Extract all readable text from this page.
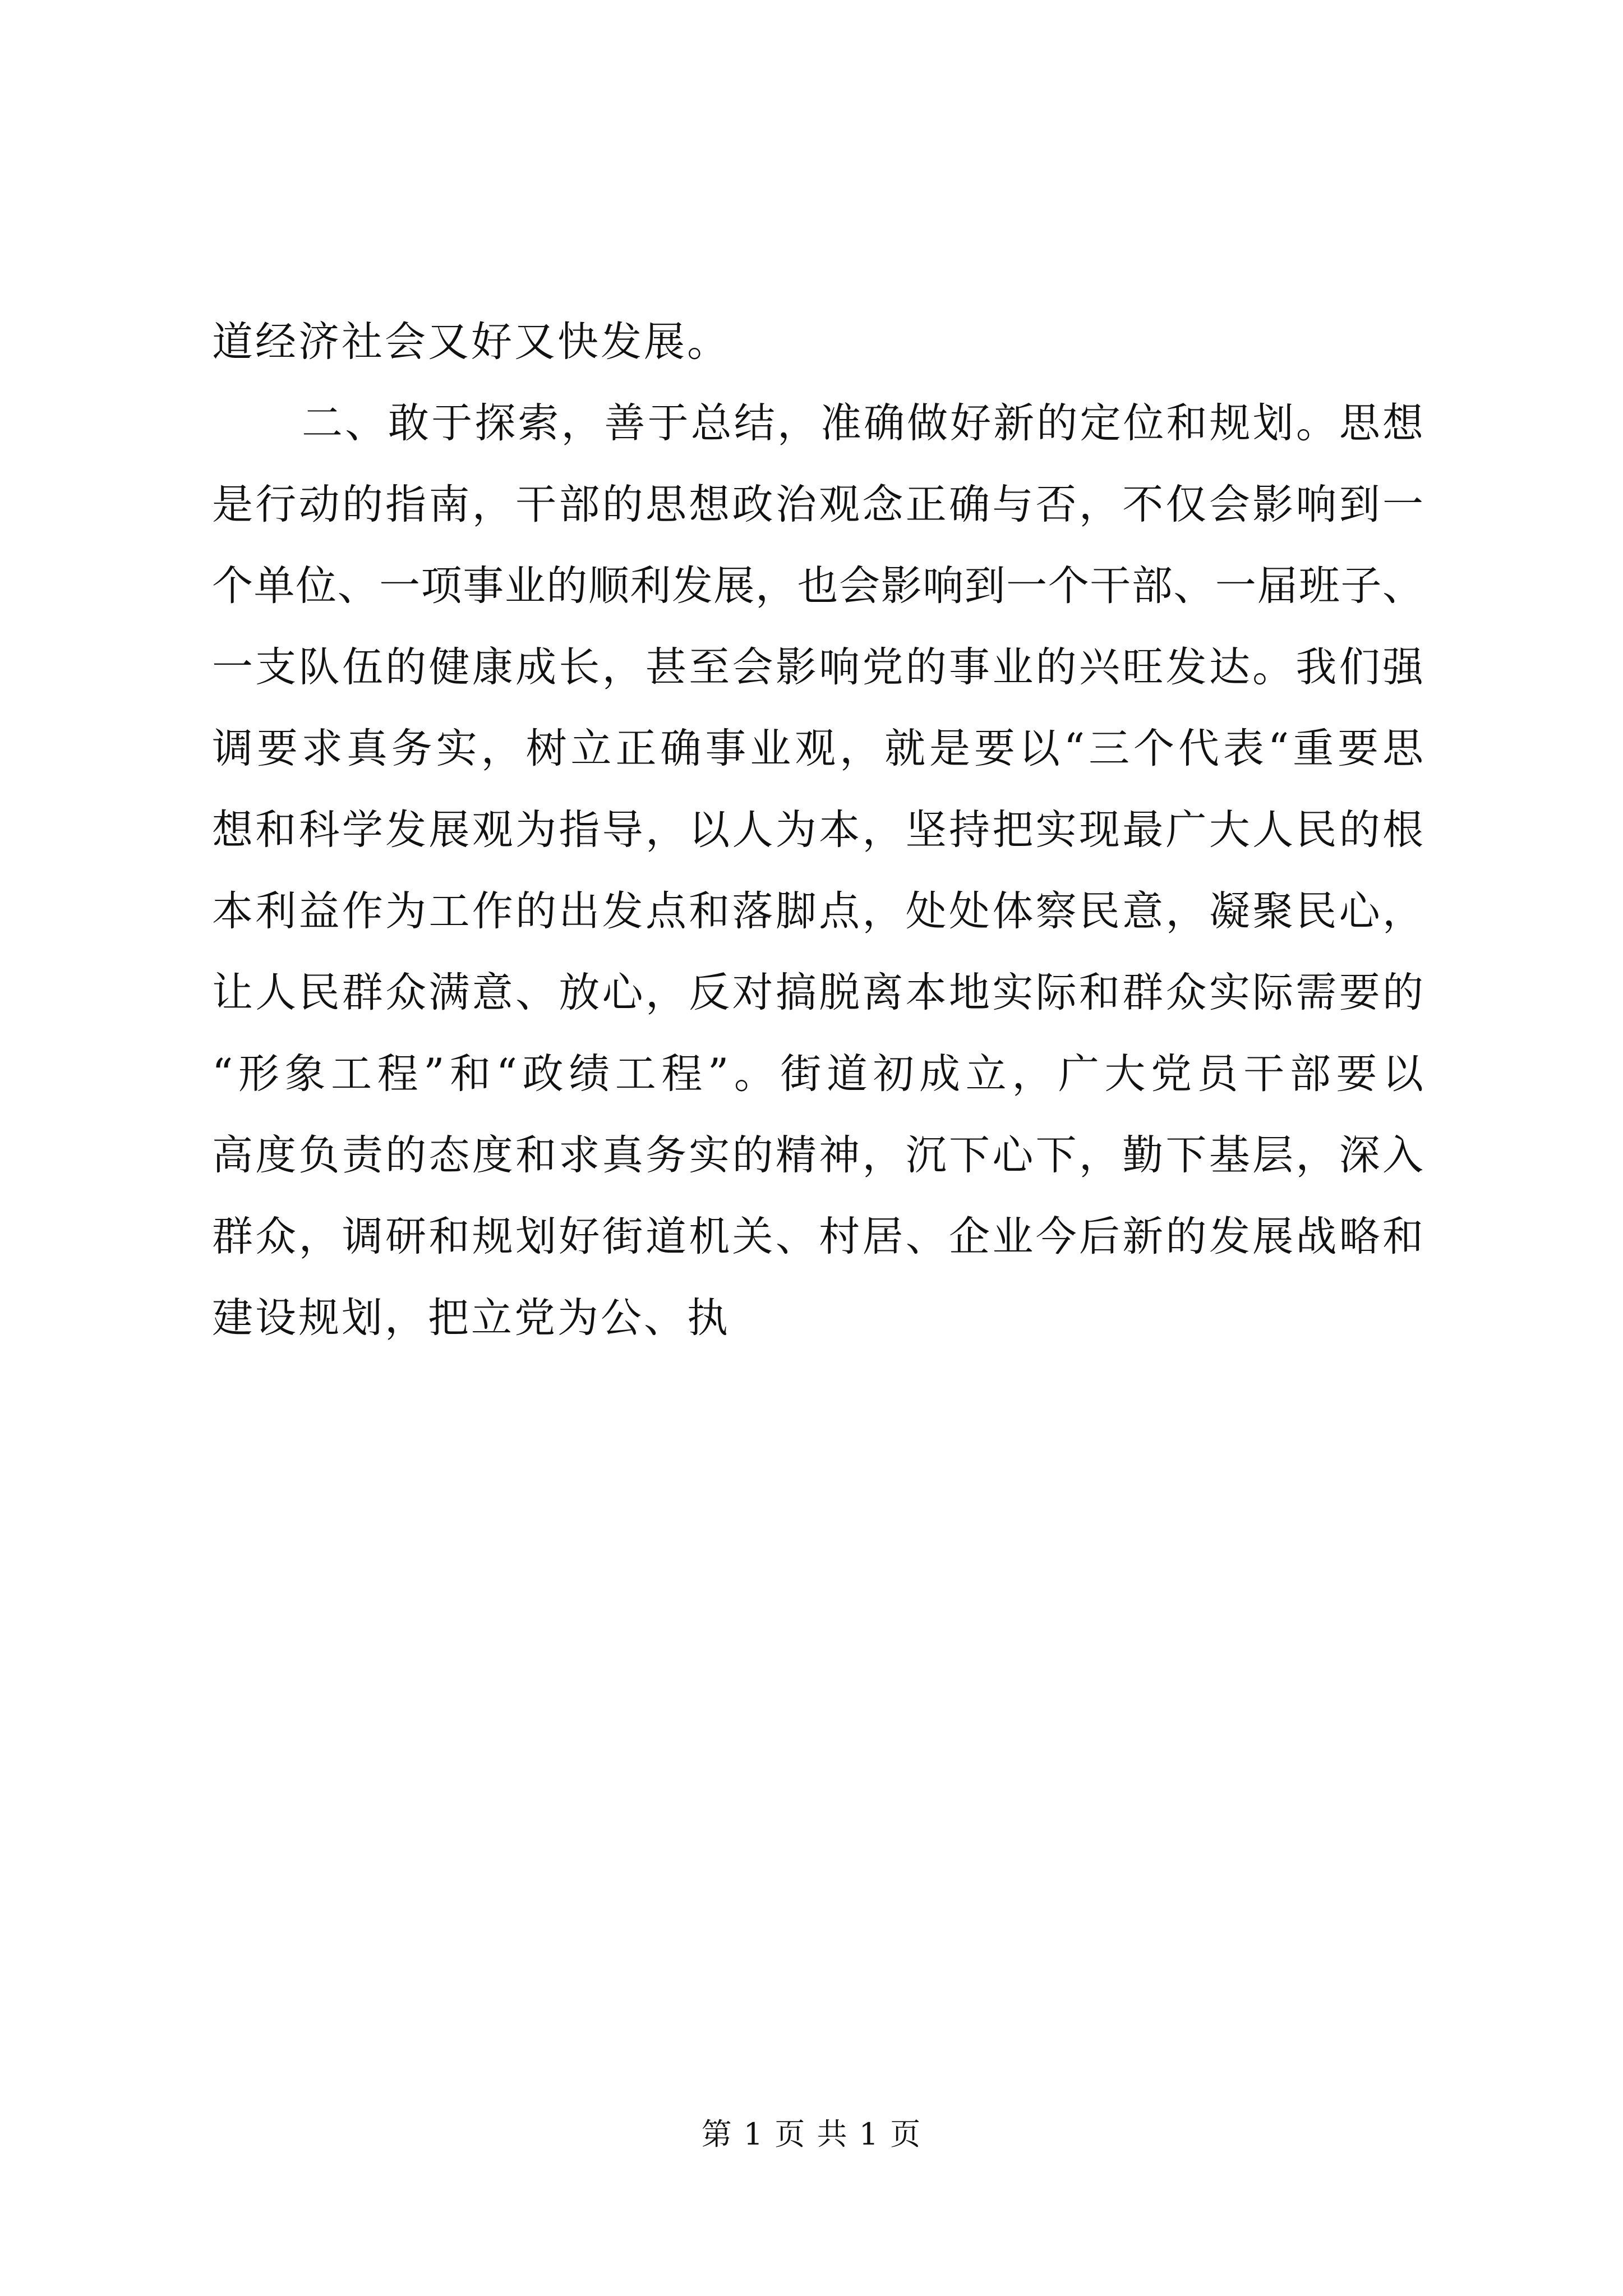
道经济社会又好又快发展。
二、敢于探索，善于总结，准确做好新的定位和规划。思想
是行动的指南，干部的思想政治观念正确与否，不仅会影响到一
个单位、一项事业的顺利发展，也会影响到一个干部、一届班子、
一支队伍的健康成长，甚至会影响党的事业的兴旺发达。我们强
调要求真务实，树立正确事业观，就是要以“三个代表“重要思
想和科学发展观为指导，以人为本，坚持把实现最广大人民的根
本利益作为工作的出发点和落脚点，处处体察民意，凝聚民心，
让人民群众满意、放心，反对搞脱离本地实际和群众实际需要的
“形象工程”和“政绩工程”。街道初成立，广大党员干部要以
高度负责的态度和求真务实的精神，沉下心下，勤下基层，深入
群众，调研和规划好街道机关、村居、企业今后新的发展战略和
建设规划，把立党为公、执
第 1 页 共 1 页
